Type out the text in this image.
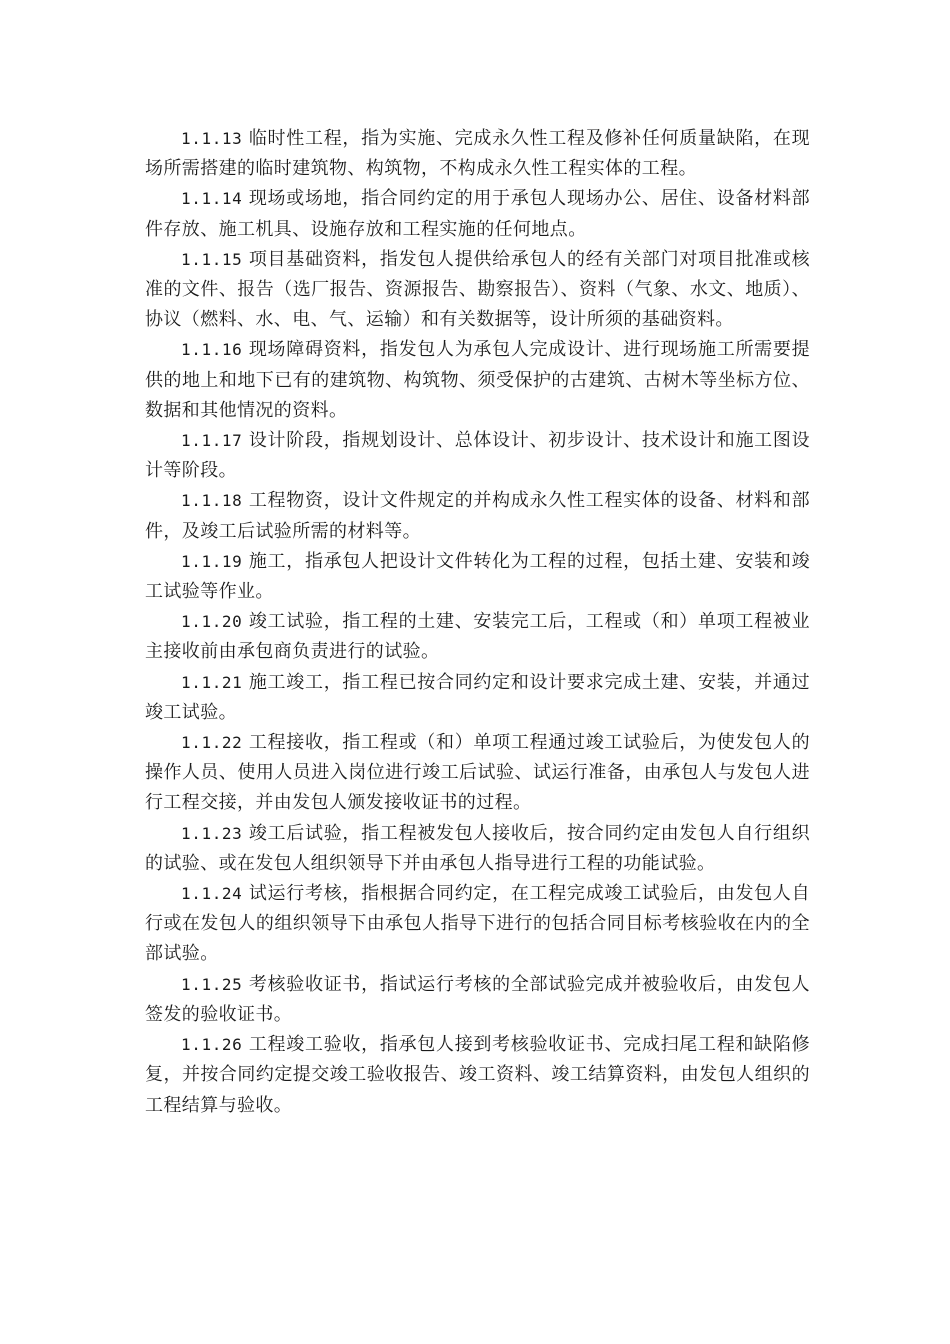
1.1.13 临时性工程，指为实施、完成永久性工程及修补任何质量缺陷，在现场所需搭建的临时建筑物、构筑物，不构成永久性工程实体的工程。

1.1.14 现场或场地，指合同约定的用于承包人现场办公、居住、设备材料部件存放、施工机具、设施存放和工程实施的任何地点。

1.1.15 项目基础资料，指发包人提供给承包人的经有关部门对项目批准或核准的文件、报告（选厂报告、资源报告、勘察报告）、资料（气象、水文、地质）、协议（燃料、水、电、气、运输）和有关数据等，设计所须的基础资料。

1.1.16 现场障碍资料，指发包人为承包人完成设计、进行现场施工所需要提供的地上和地下已有的建筑物、构筑物、须受保护的古建筑、古树木等坐标方位、数据和其他情况的资料。

1.1.17 设计阶段，指规划设计、总体设计、初步设计、技术设计和施工图设计等阶段。

1.1.18 工程物资，设计文件规定的并构成永久性工程实体的设备、材料和部件，及竣工后试验所需的材料等。

1.1.19 施工，指承包人把设计文件转化为工程的过程，包括土建、安装和竣工试验等作业。

1.1.20 竣工试验，指工程的土建、安装完工后，工程或（和）单项工程被业主接收前由承包商负责进行的试验。

1.1.21 施工竣工，指工程已按合同约定和设计要求完成土建、安装，并通过竣工试验。

1.1.22 工程接收，指工程或（和）单项工程通过竣工试验后，为使发包人的操作人员、使用人员进入岗位进行竣工后试验、试运行准备，由承包人与发包人进行工程交接，并由发包人颁发接收证书的过程。

1.1.23 竣工后试验，指工程被发包人接收后，按合同约定由发包人自行组织的试验、或在发包人组织领导下并由承包人指导进行工程的功能试验。

1.1.24 试运行考核，指根据合同约定，在工程完成竣工试验后，由发包人自行或在发包人的组织领导下由承包人指导下进行的包括合同目标考核验收在内的全部试验。

1.1.25 考核验收证书，指试运行考核的全部试验完成并被验收后，由发包人签发的验收证书。

1.1.26 工程竣工验收，指承包人接到考核验收证书、完成扫尾工程和缺陷修复，并按合同约定提交竣工验收报告、竣工资料、竣工结算资料，由发包人组织的工程结算与验收。
